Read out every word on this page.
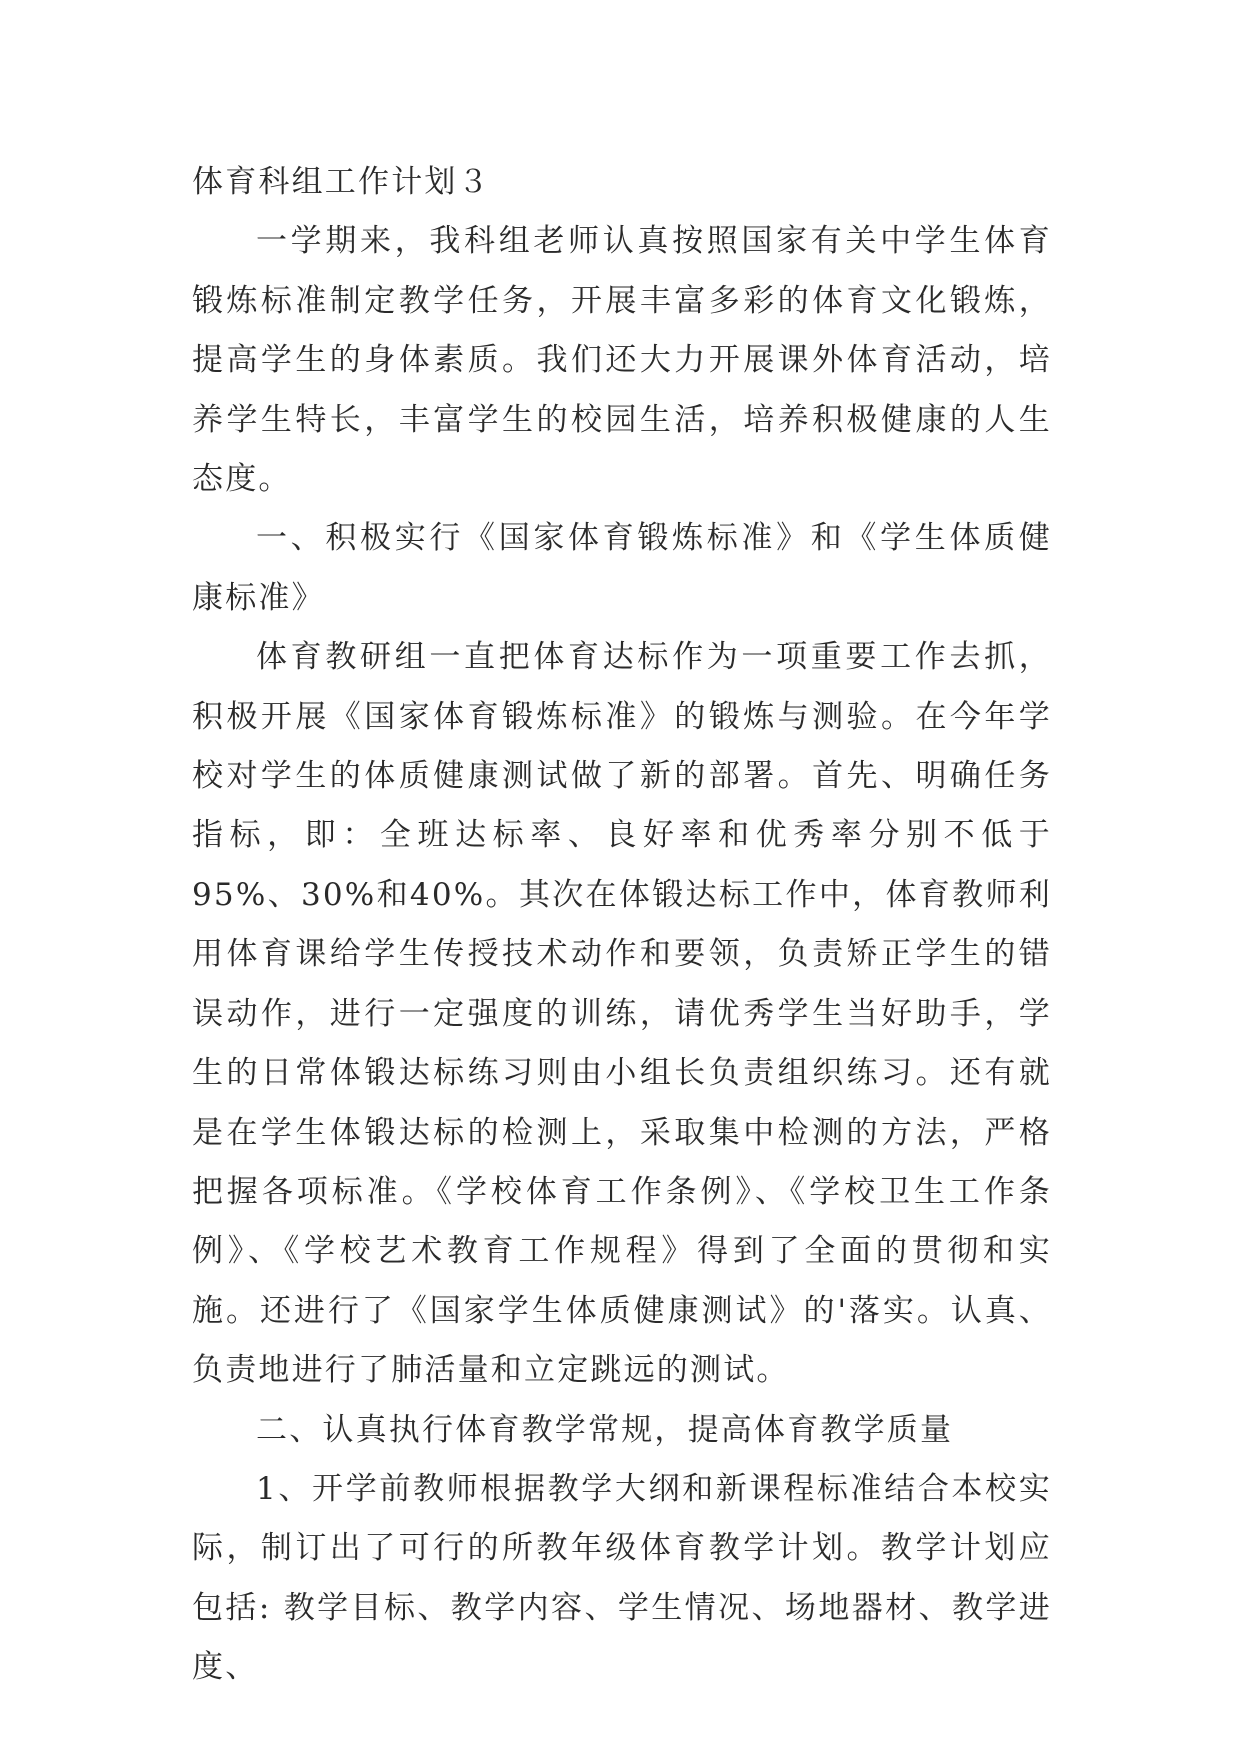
体育科组工作计划３

一学期来，我科组老师认真按照国家有关中学生体育锻炼标准制定教学任务，开展丰富多彩的体育文化锻炼，提高学生的身体素质。我们还大力开展课外体育活动，培养学生特长，丰富学生的校园生活，培养积极健康的人生态度。

一、积极实行《国家体育锻炼标准》和《学生体质健康标准》

体育教研组一直把体育达标作为一项重要工作去抓，积极开展《国家体育锻炼标准》的锻炼与测验。在今年学校对学生的体质健康测试做了新的部署。首先、明确任务指标，即：全班达标率、良好率和优秀率分别不低于95%、30%和40%。其次在体锻达标工作中，体育教师利用体育课给学生传授技术动作和要领，负责矫正学生的错误动作，进行一定强度的训练，请优秀学生当好助手，学生的日常体锻达标练习则由小组长负责组织练习。还有就是在学生体锻达标的检测上，采取集中检测的方法，严格把握各项标准。《学校体育工作条例》、《学校卫生工作条例》、《学校艺术教育工作规程》得到了全面的贯彻和实施。还进行了《国家学生体质健康测试》的'落实。认真、负责地进行了肺活量和立定跳远的测试。

二、认真执行体育教学常规，提高体育教学质量

1、开学前教师根据教学大纲和新课程标准结合本校实际，制订出了可行的所教年级体育教学计划。教学计划应包括: 教学目标、教学内容、学生情况、场地器材、教学进度、
